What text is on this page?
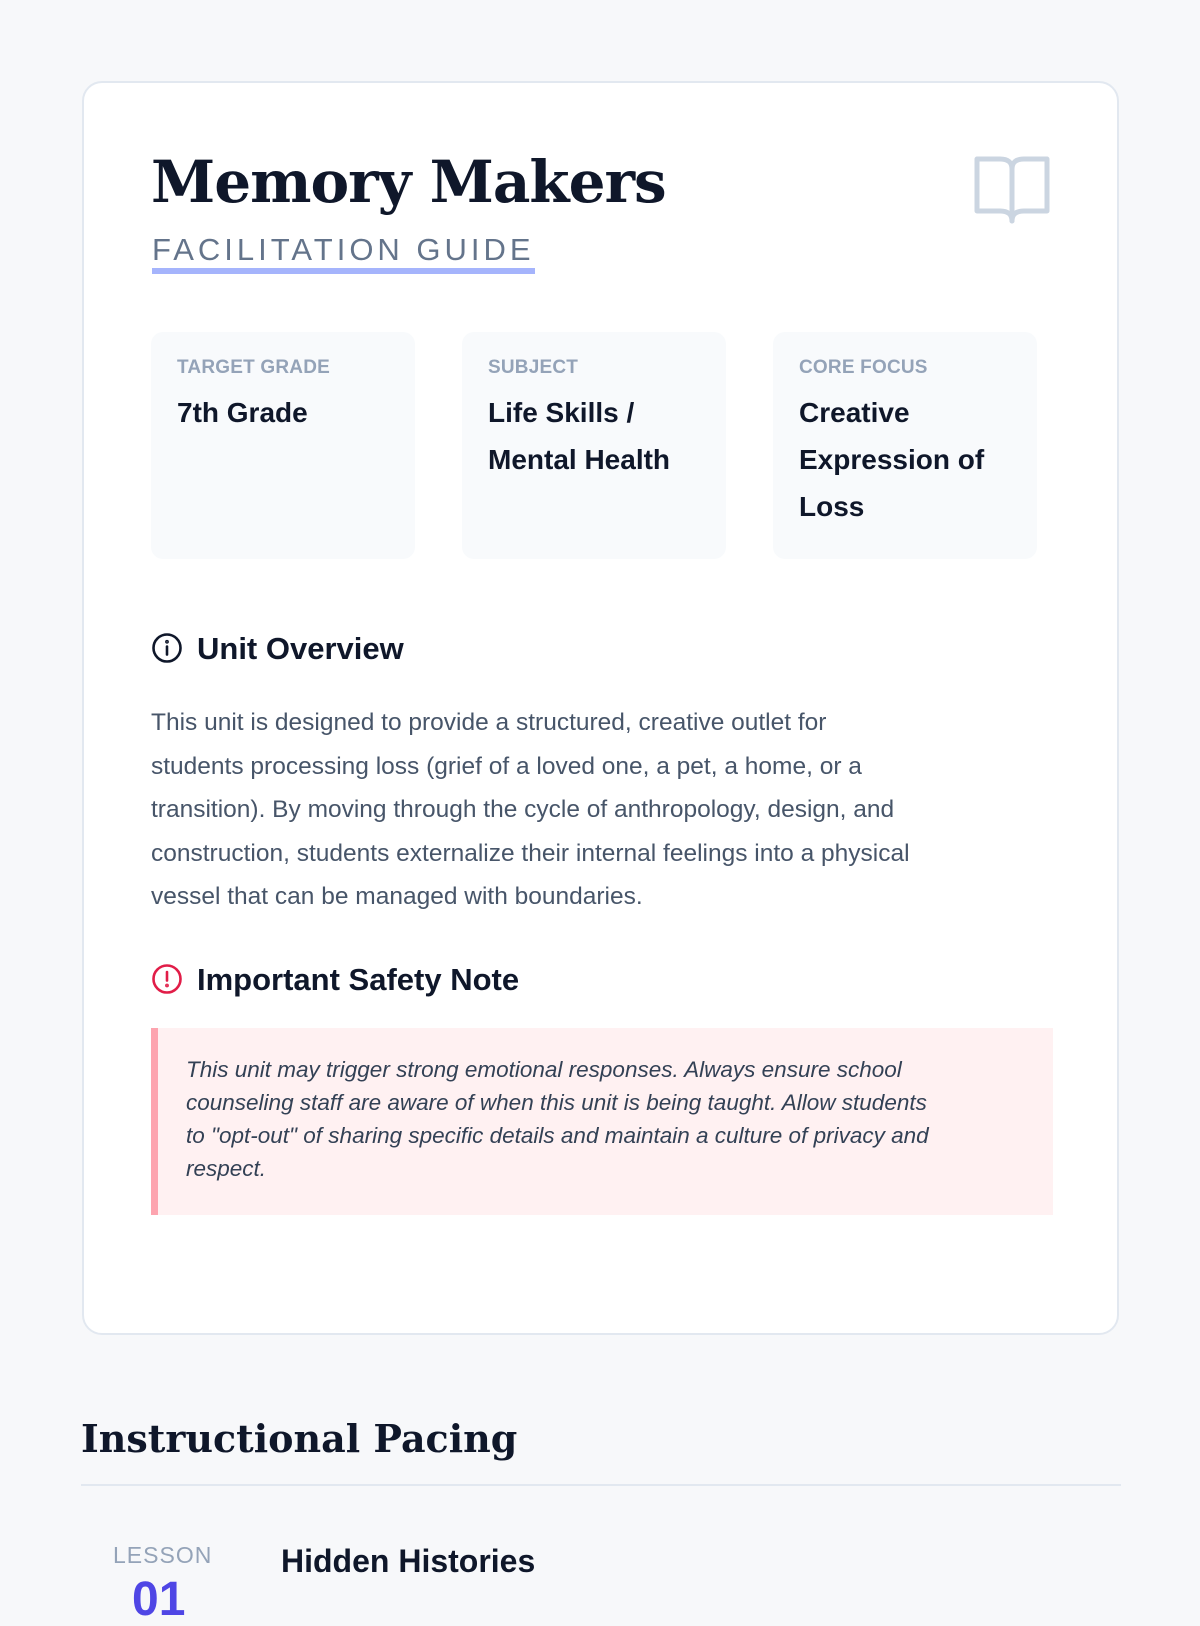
Memory Makers
FACILITATION GUIDE

TARGET GRADE

7th Grade

SUBJECT

Life Skills /

Mental Health

CORE FOCUS

Creative

Expression of

Loss

Unit Overview

This unit is designed to provide a structured, creative outlet for
students processing loss (grief of a loved one, a pet, a home, or a
transition). By moving through the cycle of anthropology, design, and
construction, students externalize their internal feelings into a physical
vessel that can be managed with boundaries.

Important Safety Note

This unit may trigger strong emotional responses. Always ensure school
counseling staff are aware of when this unit is being taught. Allow students
to "opt-out" of sharing specific details and maintain a culture of privacy and
respect.

Instructional Pacing
LESSON
01
Hidden Histories
